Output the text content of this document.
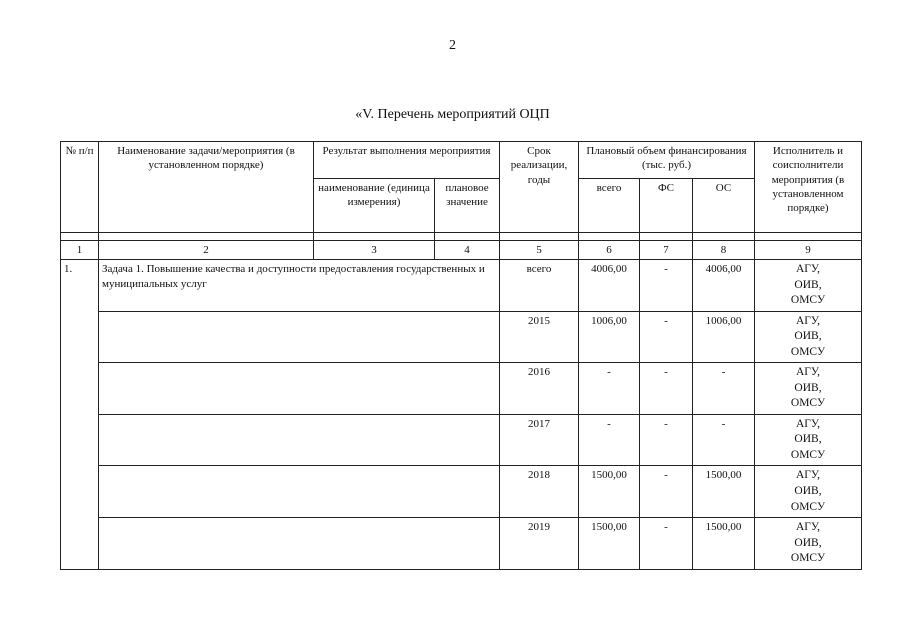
2
«V. Перечень мероприятий ОЦП
№ п/п	Наименование задачи/мероприятия (в установленном порядке)	Результат выполнения мероприятия		Срок реализации, годы	Плановый объем финансирования (тыс. руб.)			Исполнитель и соисполнители мероприятия (в установленном порядке)
		наименование (единица измерения)	плановое значение		всего	ФС	ОС	

1	2	3	4	5	6	7	8	9
1.	Задача 1. Повышение качества и доступности предоставления государственных и муниципальных услуг			всего	4006,00	-	4006,00	АГУ,
ОИВ,
ОМСУ

				2015	1006,00	-	1006,00	АГУ,
ОИВ,
ОМСУ

				2016	-	-	-	АГУ,
ОИВ,
ОМСУ

				2017	-	-	-	АГУ,
ОИВ,
ОМСУ

				2018	1500,00	-	1500,00	АГУ,
ОИВ,
ОМСУ

				2019	1500,00	-	1500,00	АГУ,
ОИВ,
ОМСУ
